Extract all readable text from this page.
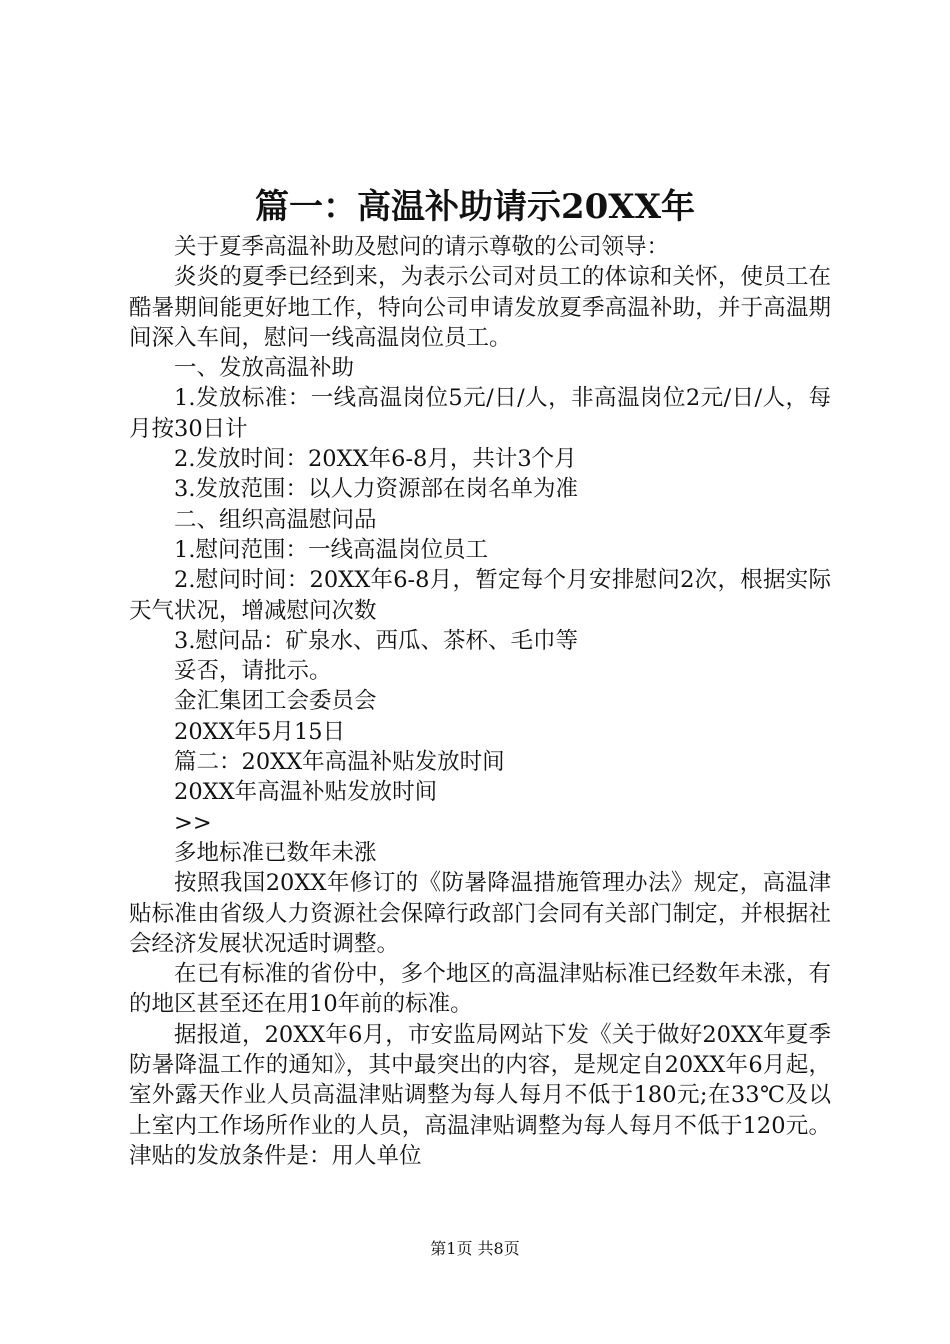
篇一：高温补助请示20XX年

关于夏季高温补助及慰问的请示尊敬的公司领导：

炎炎的夏季已经到来，为表示公司对员工的体谅和关怀，使员工在酷暑期间能更好地工作，特向公司申请发放夏季高温补助，并于高温期间深入车间，慰问一线高温岗位员工。

一、发放高温补助

1.发放标准：一线高温岗位5元/日/人，非高温岗位2元/日/人，每月按30日计

2.发放时间：20XX年6-8月，共计3个月

3.发放范围：以人力资源部在岗名单为准

二、组织高温慰问品

1.慰问范围：一线高温岗位员工

2.慰问时间：20XX年6-8月，暂定每个月安排慰问2次，根据实际天气状况，增减慰问次数

3.慰问品：矿泉水、西瓜、茶杯、毛巾等

妥否，请批示。

金汇集团工会委员会

20XX年5月15日

篇二：20XX年高温补贴发放时间

20XX年高温补贴发放时间

>>

多地标准已数年未涨

按照我国20XX年修订的《防暑降温措施管理办法》规定，高温津贴标准由省级人力资源社会保障行政部门会同有关部门制定，并根据社会经济发展状况适时调整。

在已有标准的省份中，多个地区的高温津贴标准已经数年未涨，有的地区甚至还在用10年前的标准。

据报道，20XX年6月，市安监局网站下发《关于做好20XX年夏季防暑降温工作的通知》，其中最突出的内容，是规定自20XX年6月起，室外露天作业人员高温津贴调整为每人每月不低于180元;在33℃及以上室内工作场所作业的人员，高温津贴调整为每人每月不低于120元。津贴的发放条件是：用人单位

第1页 共8页
